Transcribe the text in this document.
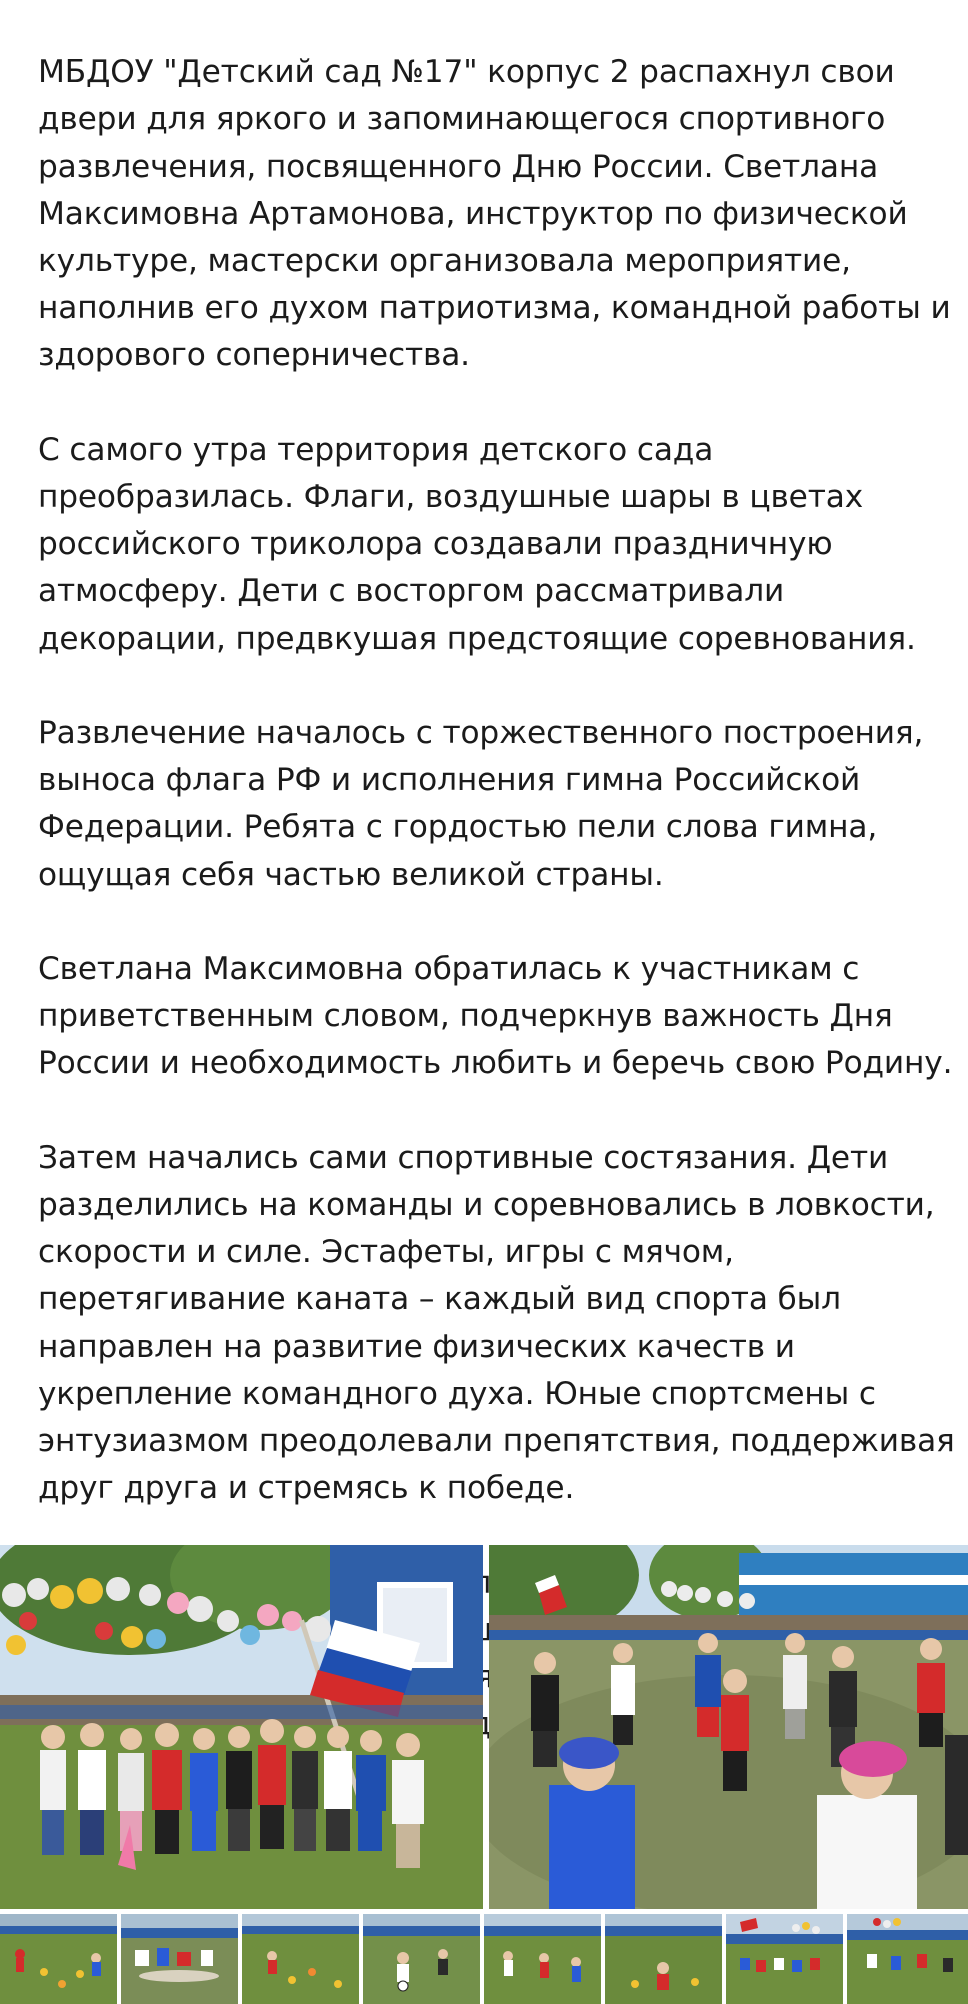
МБДОУ "Детский сад №17" корпус 2 распахнул свои двери для яркого и запоминающегося спортивного развлечения, посвященного Дню России. Светлана Максимовна Артамонова, инструктор по физической культуре, мастерски организовала мероприятие, наполнив его духом патриотизма, командной работы и здорового соперничества.

С самого утра территория детского сада преобразилась. Флаги, воздушные шары в цветах российского триколора создавали праздничную атмосферу. Дети с восторгом рассматривали декорации, предвкушая предстоящие соревнования.

Развлечение началось с торжественного построения, выноса флага РФ и исполнения гимна Российской Федерации. Ребята с гордостью пели слова гимна, ощущая себя частью великой страны.

Светлана Максимовна обратилась к участникам с приветственным словом, подчеркнув важность Дня России и необходимость любить и беречь свою Родину.

Затем начались сами спортивные состязания. Дети разделились на команды и соревновались в ловкости, скорости и силе. Эстафеты, игры с мячом, перетягивание каната – каждый вид спорта был направлен на развитие физических качеств и укрепление командного духа. Юные спортсмены с энтузиазмом преодолевали препятствия, поддерживая друг друга и стремясь к победе.
